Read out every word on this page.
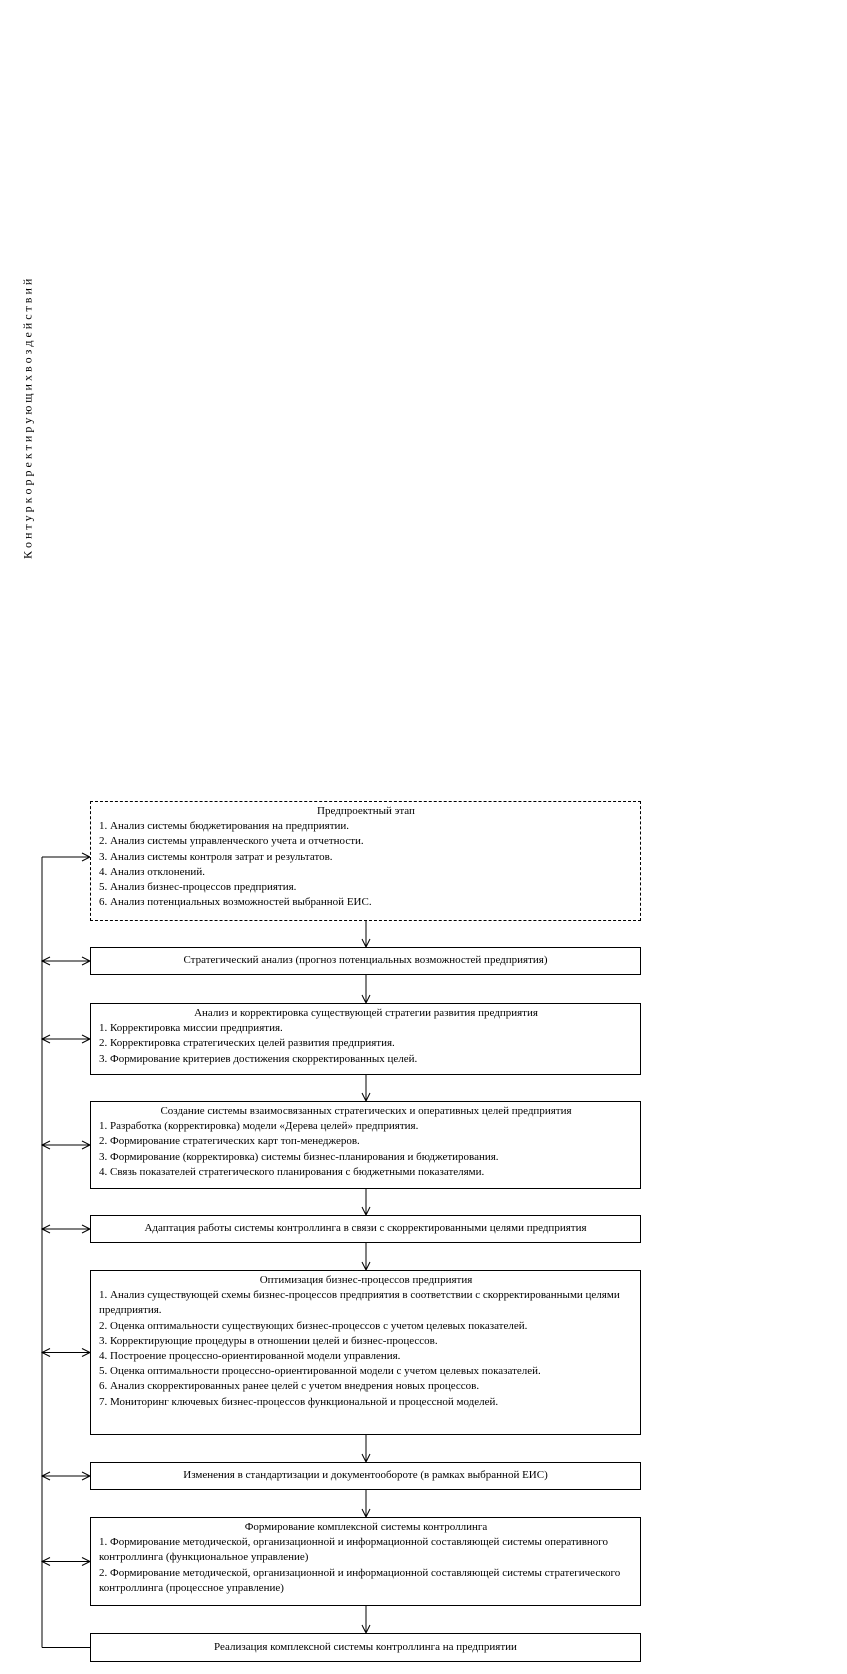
К о н т у р к о р р е к т и р у ю щ и х в о з д е й с т в и й
Предпроектный этап
1. Анализ системы бюджетирования на предприятии.
2. Анализ системы управленческого учета и отчетности.
3. Анализ системы контроля затрат и результатов.
4. Анализ отклонений.
5. Анализ бизнес-процессов предприятия.
6. Анализ потенциальных возможностей выбранной ЕИС.
Стратегический анализ (прогноз потенциальных возможностей предприятия)
Анализ и корректировка существующей стратегии развития предприятия
1. Корректировка миссии предприятия.
2. Корректировка стратегических целей развития предприятия.
3. Формирование критериев достижения скорректированных целей.
Создание системы взаимосвязанных стратегических и оперативных целей предприятия
1. Разработка (корректировка) модели «Дерева целей» предприятия.
2. Формирование стратегических карт топ-менеджеров.
3. Формирование (корректировка) системы бизнес-планирования и бюджетирования.
4. Связь показателей стратегического планирования с бюджетными показателями.
Адаптация работы системы контроллинга в связи с скорректированными целями предприятия
Оптимизация бизнес-процессов предприятия
1. Анализ существующей схемы бизнес-процессов предприятия в соответствии с скорректированными целями предприятия.
2. Оценка оптимальности существующих бизнес-процессов с учетом целевых показателей.
3. Корректирующие процедуры в отношении целей и бизнес-процессов.
4. Построение процессно-ориентированной модели управления.
5. Оценка оптимальности процессно-ориентированной модели с учетом целевых показателей.
6. Анализ скорректированных ранее целей с учетом внедрения новых процессов.
7. Мониторинг ключевых бизнес-процессов функциональной и процессной моделей.
Изменения в стандартизации и документообороте (в рамках выбранной ЕИС)
Формирование комплексной системы контроллинга
1. Формирование методической, организационной и информационной составляющей системы оперативного контроллинга (функциональное управление)
2. Формирование методической, организационной и информационной составляющей системы стратегического контроллинга (процессное управление)
Реализация комплексной системы контроллинга на предприятии
